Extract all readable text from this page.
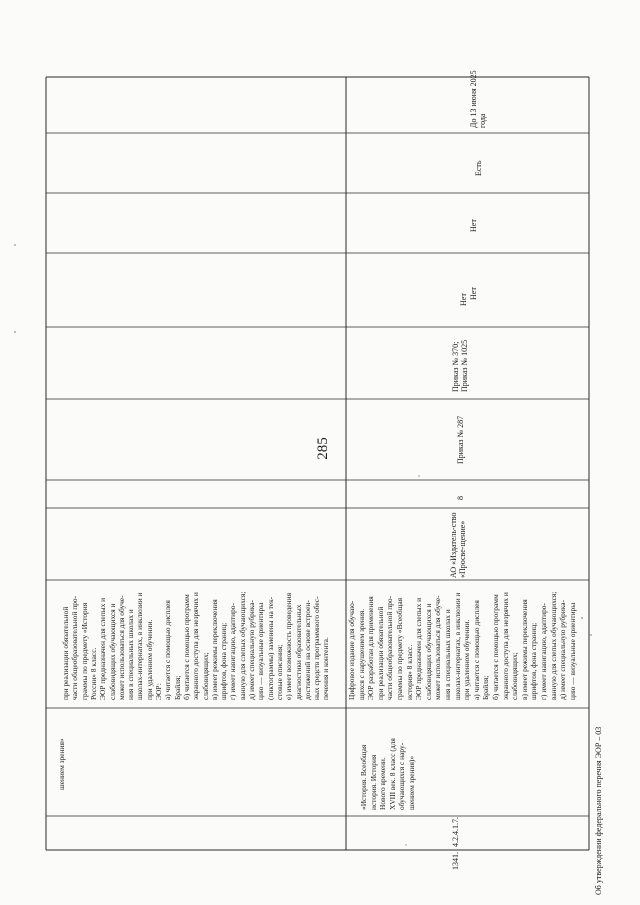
285
шением зрения»
при реализации обязательной части общеобразовательной про- граммы по предмету «История России» 8 класс. ЭОР предназначен для слепых и слабовидящих обучающихся и может использоваться для обуче- ния в специальных школах и школах-интернатах, в инклюзии и при удаленном обучении. ЭОР: а) читается с помощью дисплея Брайля; б) читается с помощью программ экранного доступа для незрячих и слабовидящих; в) имеет режимы переключения шрифтов, фона страниц; г) имеет навигацию, адаптиро- ванную для слепых обучающихся; д) имеет специальную рубрика- цию — визуальные ориентиры (пиктограммы) заменены на тек- стовые описания; е) имеет возможность проведения диагностики образовательных достижений на основе встроен- ных средств программного обес- печения и контента.
До 13 июня 2025 года
Есть
Нет
Нет
1341.
4.2.4.1.7.
«История. Всеобщая история. История Нового времени. XVIII век. 8 класс (для обучающихся с нару- шением зрения)»
Цифровое издание для обучаю- щихся с нарушением зрения. ЭОР разработан для применения при реализации обязательной части общеобразовательной про- граммы по предмету «Всеобщая история» 8 класс. ЭОР предназначен для слепых и слабовидящих обучающихся и может использоваться для обуче- ния в специальных школах и школах-интернатах, в инклюзии и при удаленном обучении. а) читается с помощью дисплея Брайля; б) читается с помощью программ экранного доступа для незрячих и слабовидящих; в) имеет режимы переключения шрифтов, фона страниц; г) имеет навигацию, адаптиро- ванную для слепых обучающихся; д) имеет специальную рубрика- цию — визуальные ориентиры
АО «Издатель-ство «Просве-щение»
8
Приказ № 287
Приказ № 370; Приказ № 1025
Нет
Об утверждении федерального перечня ЭОР – 03
